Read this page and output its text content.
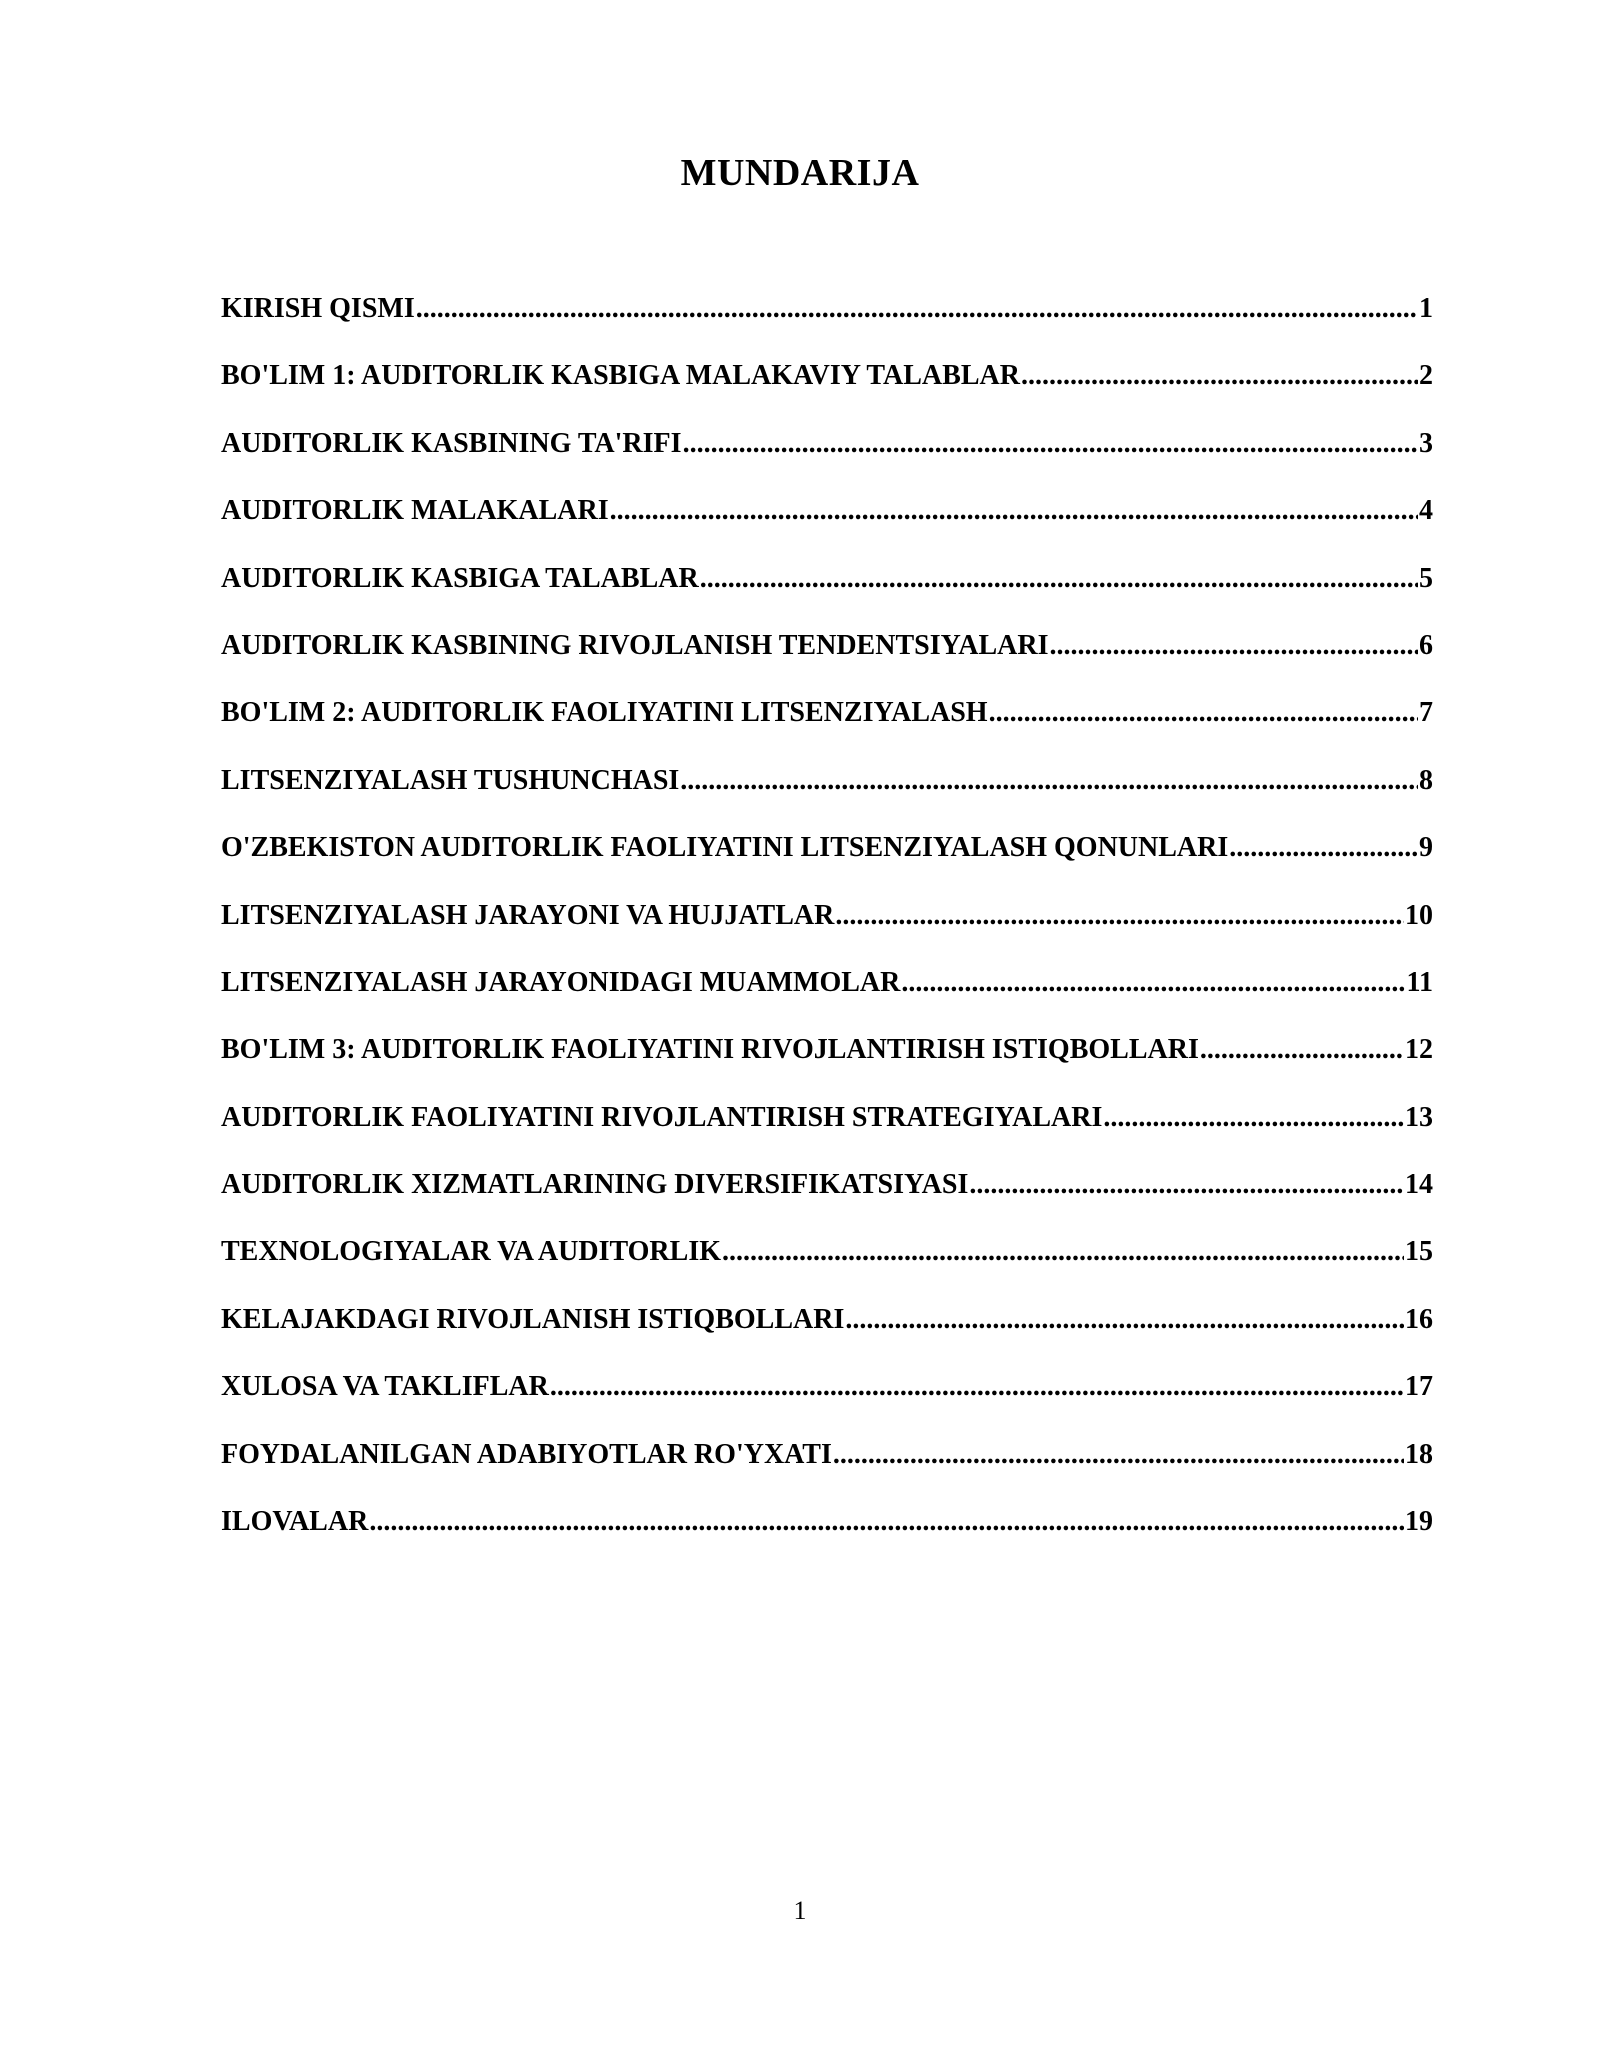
MUNDARIJA
KIRISH QISMI .....	1
BO'LIM 1: AUDITORLIK KASBIGA MALAKAVIY TALABLAR .....	2
AUDITORLIK KASBINING TA'RIFI .....	3
AUDITORLIK MALAKALARI .....	4
AUDITORLIK KASBIGA TALABLAR .....	5
AUDITORLIK KASBINING RIVOJLANISH TENDENTSIYALARI .....	6
BO'LIM 2: AUDITORLIK FAOLIYATINI LITSENZIYALASH .....	7
LITSENZIYALASH TUSHUNCHASI .....	8
O'ZBEKISTON AUDITORLIK FAOLIYATINI LITSENZIYALASH QONUNLARI .....	9
LITSENZIYALASH JARAYONI VA HUJJATLAR .....	10
LITSENZIYALASH JARAYONIDAGI MUAMMOLAR .....	11
BO'LIM 3: AUDITORLIK FAOLIYATINI RIVOJLANTIRISH ISTIQBOLLARI .....	12
AUDITORLIK FAOLIYATINI RIVOJLANTIRISH STRATEGIYALARI .....	13
AUDITORLIK XIZMATLARINING DIVERSIFIKATSIYASI .....	14
TEXNOLOGIYALAR VA AUDITORLIK .....	15
KELAJAKDAGI RIVOJLANISH ISTIQBOLLARI .....	16
XULOSA VA TAKLIFLAR .....	17
FOYDALANILGAN ADABIYOTLAR RO'YXATI .....	18
ILOVALAR .....	19
1
